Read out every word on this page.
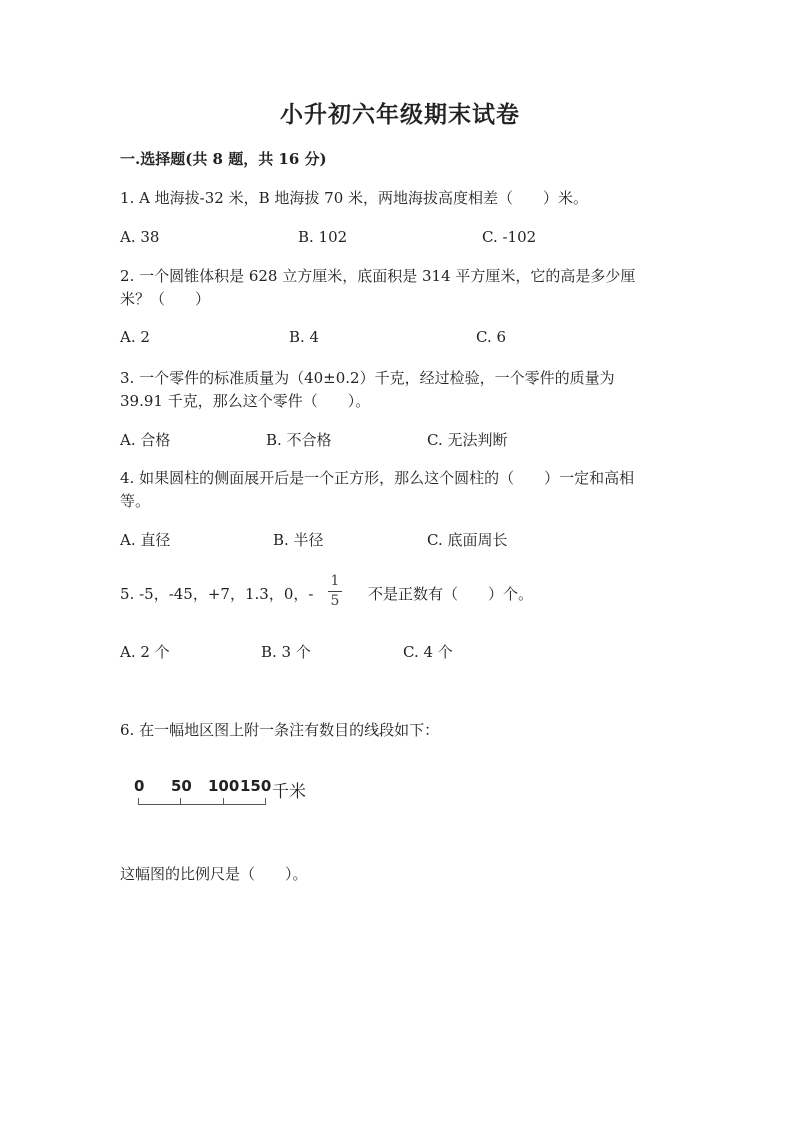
小升初六年级期末试卷
一.选择题(共 8 题，共 16 分)
1. A 地海拔-32 米，B 地海拔 70 米，两地海拔高度相差（　　）米。
A. 38	B. 102	C. -102
2. 一个圆锥体积是 628 立方厘米，底面积是 314 平方厘米，它的高是多少厘
米？（　　）
A. 2	B. 4	C. 6
3. 一个零件的标准质量为（40±0.2）千克，经过检验，一个零件的质量为
39.91 千克，那么这个零件（　　）。
A. 合格	B. 不合格	C. 无法判断
4. 如果圆柱的侧面展开后是一个正方形，那么这个圆柱的（　　）一定和高相
等。
A. 直径	B. 半径	C. 底面周长
5. -5，-45，+7，1.3，0，-
1
5 不是正数有（　　）个。
A. 2 个	B. 3 个	C. 4 个
6. 在一幅地区图上附一条注有数目的线段如下：
0 50 100 150 千米
这幅图的比例尺是（　　）。
